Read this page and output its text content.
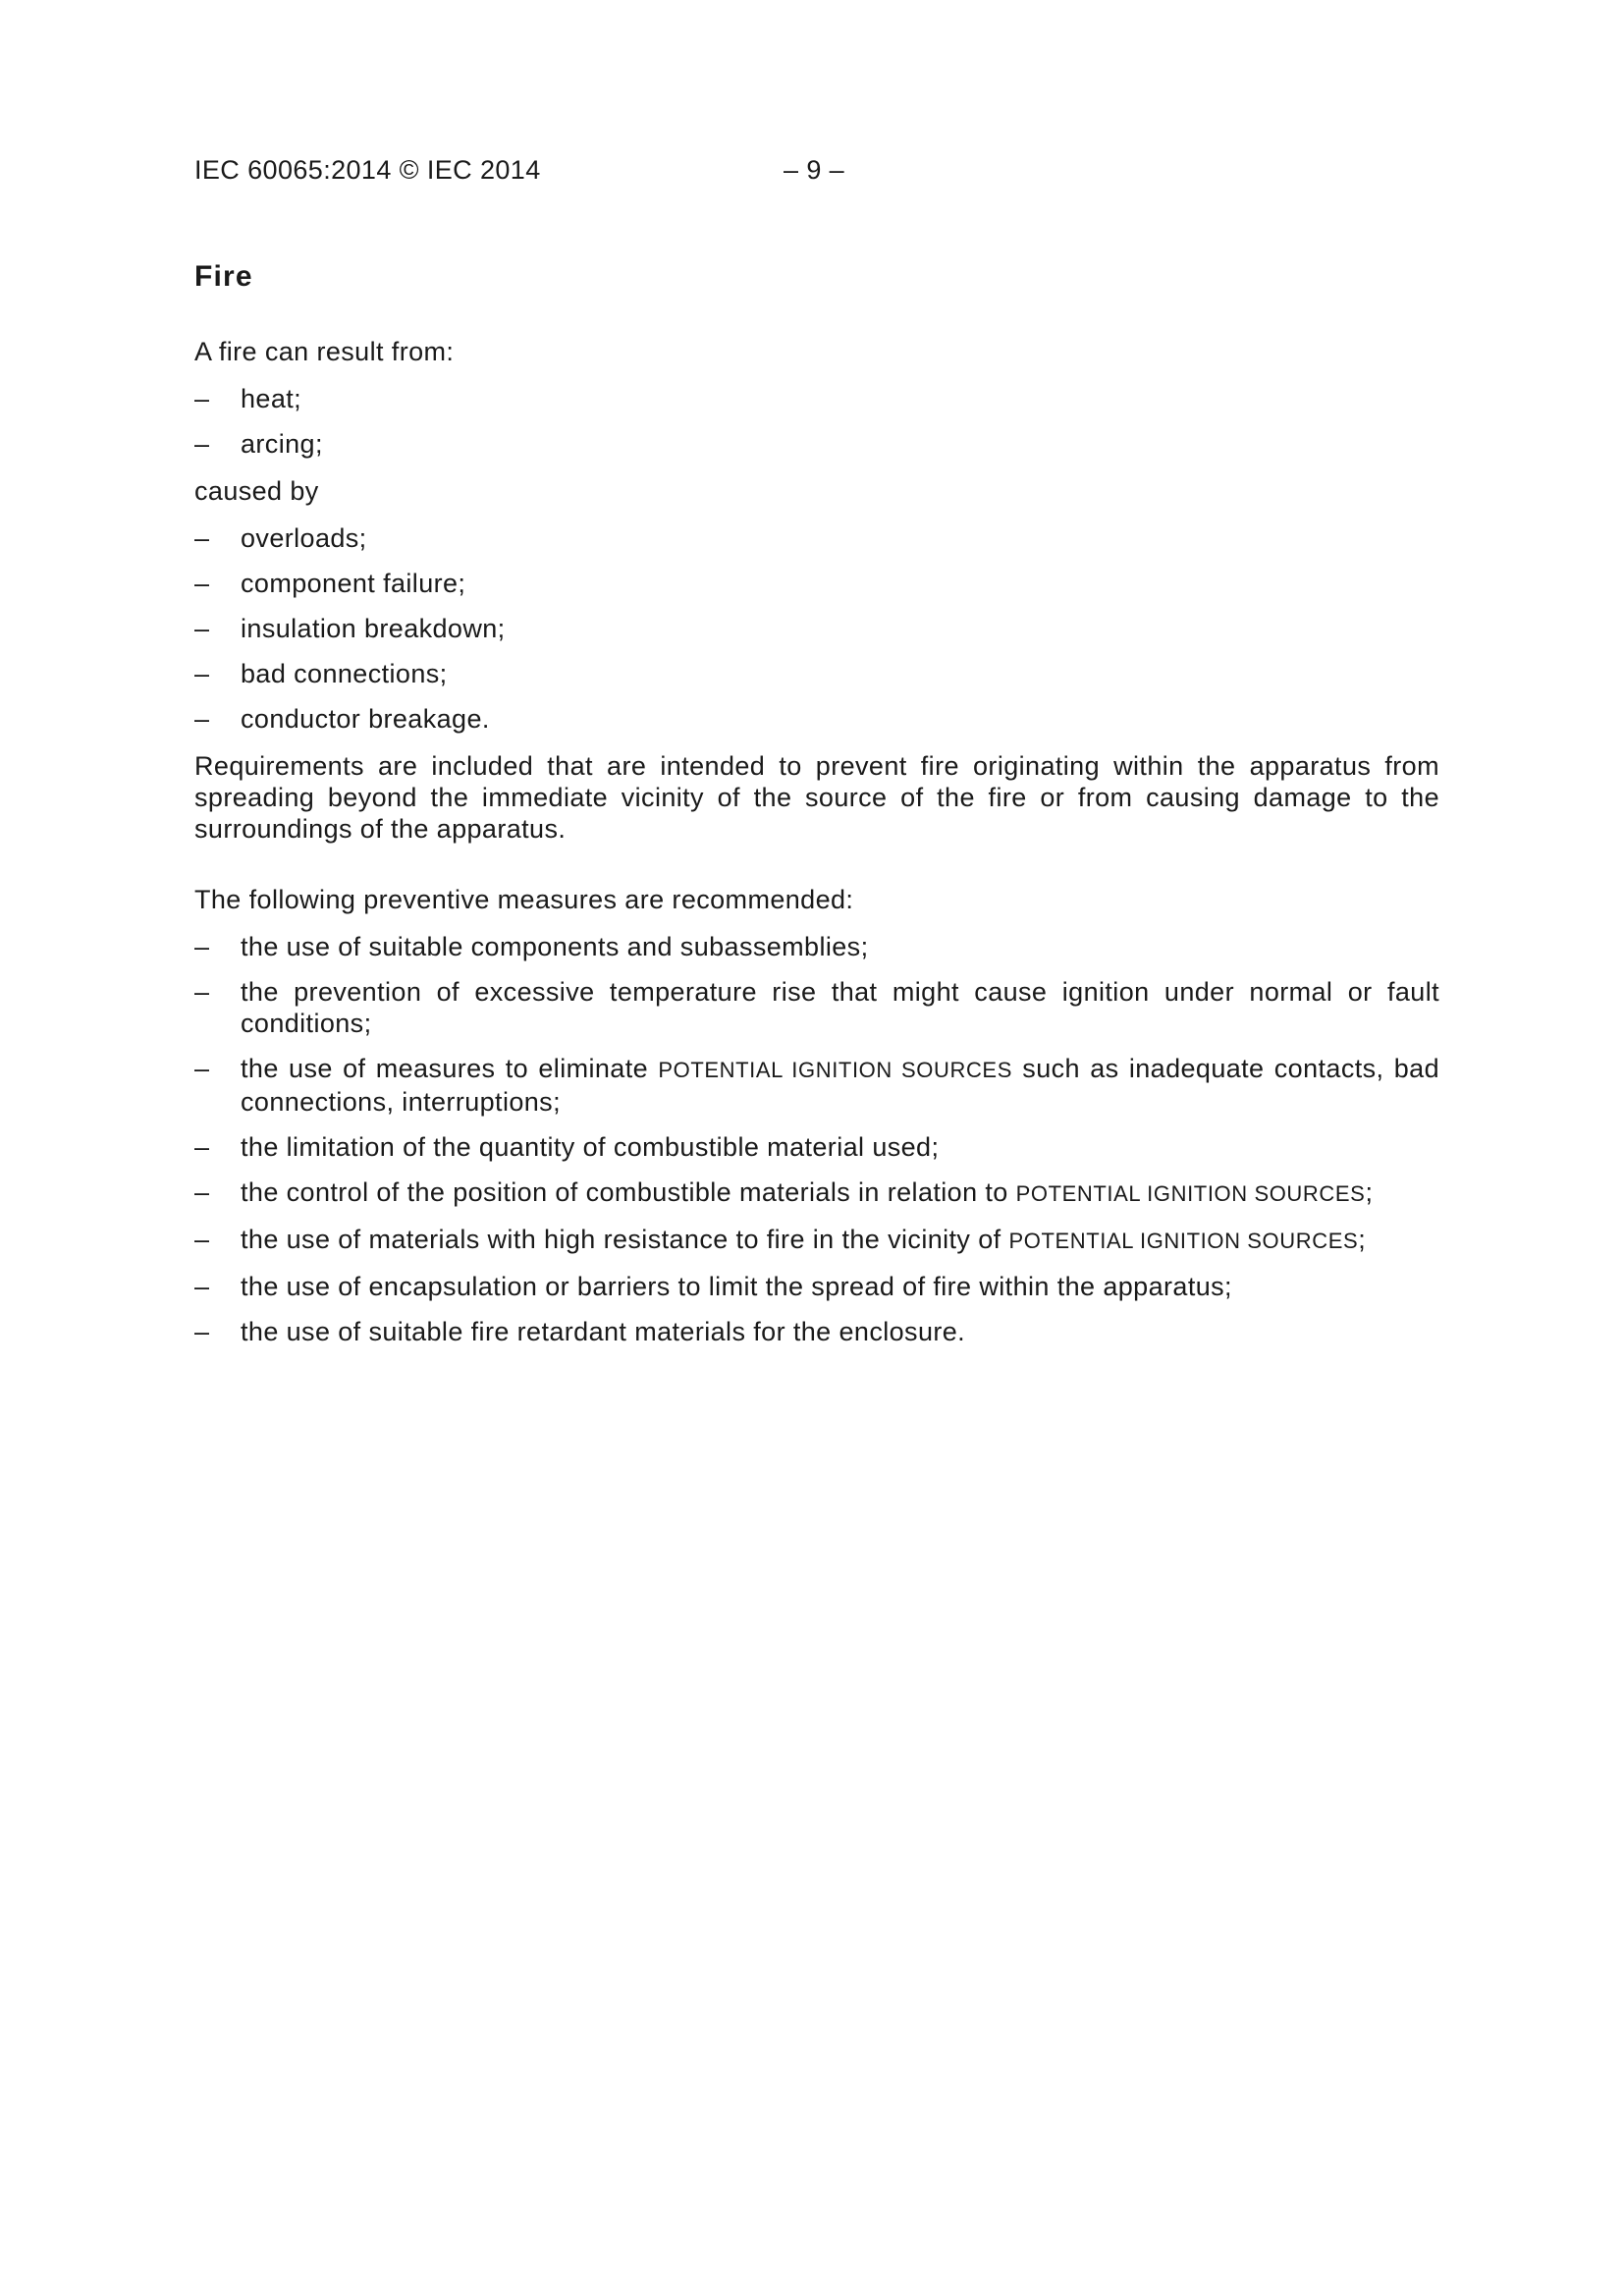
IEC 60065:2014 © IEC 2014	– 9 –
Fire

A fire can result from:

– heat;
– arcing;

caused by

– overloads;
– component failure;
– insulation breakdown;
– bad connections;
– conductor breakage.

Requirements are included that are intended to prevent fire originating within the apparatus from spreading beyond the immediate vicinity of the source of the fire or from causing damage to the surroundings of the apparatus.

The following preventive measures are recommended:

– the use of suitable components and subassemblies;
– the prevention of excessive temperature rise that might cause ignition under normal or fault conditions;
– the use of measures to eliminate POTENTIAL IGNITION SOURCES such as inadequate contacts, bad connections, interruptions;
– the limitation of the quantity of combustible material used;
– the control of the position of combustible materials in relation to POTENTIAL IGNITION SOURCES;
– the use of materials with high resistance to fire in the vicinity of POTENTIAL IGNITION SOURCES;
– the use of encapsulation or barriers to limit the spread of fire within the apparatus;
– the use of suitable fire retardant materials for the enclosure.
